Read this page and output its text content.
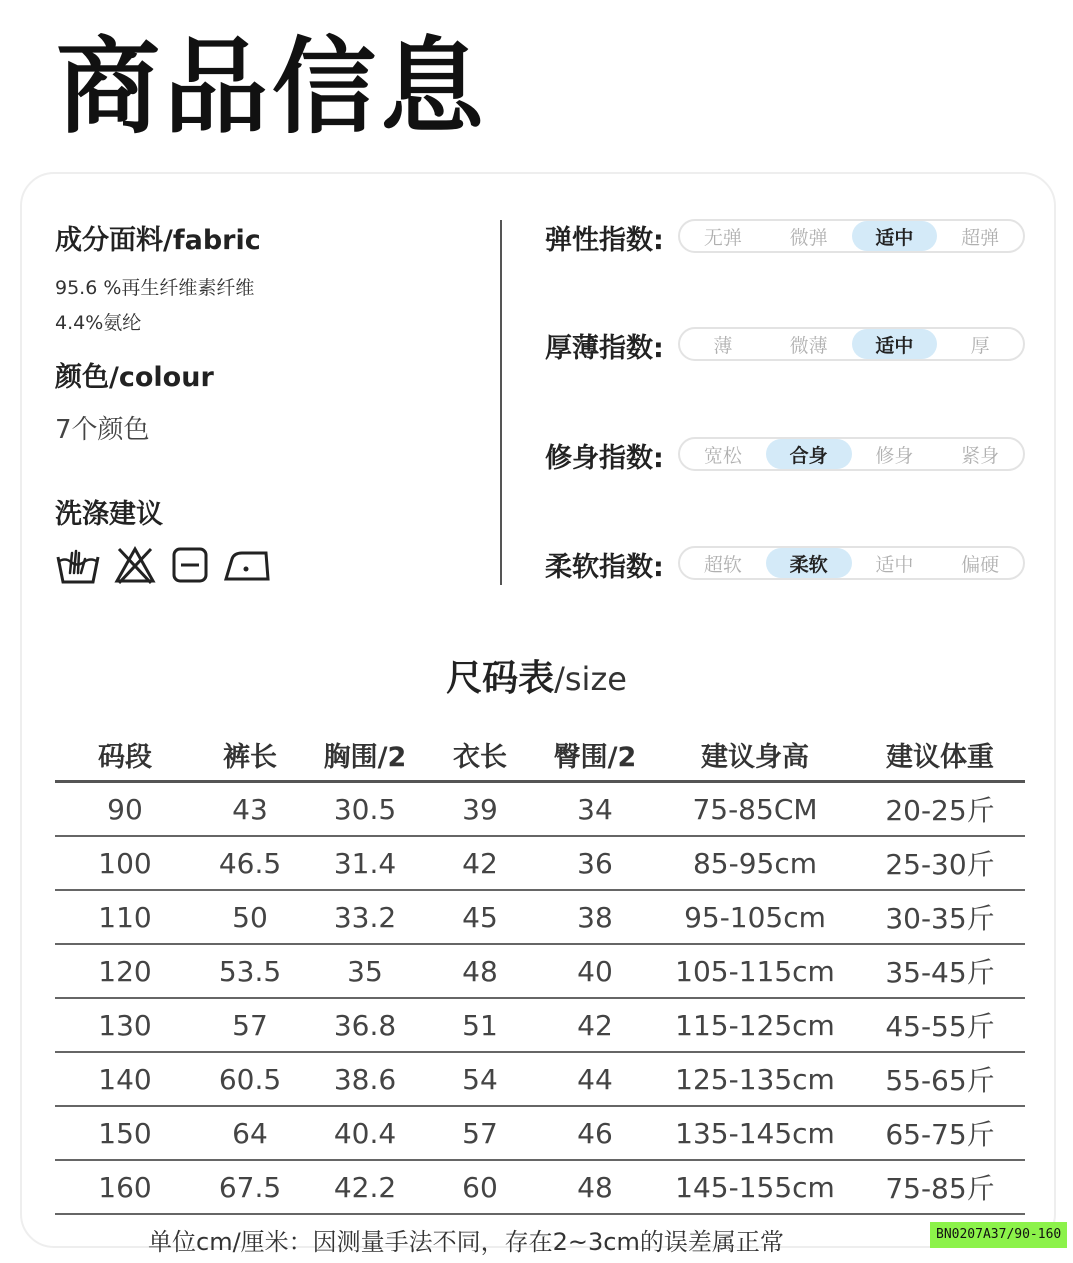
商品信息
成分面料/fabric
95.6 %再生纤维素纤维
4.4%氨纶
颜色/colour
7个颜色
洗涤建议
弹性指数:	无弹	微弹	适中	超弹
厚薄指数:	薄	微薄	适中	厚
修身指数:	宽松	合身	修身	紧身
柔软指数:	超软	柔软	适中	偏硬
尺码表/size
码段	裤长	胸围/2	衣长	臀围/2	建议身高	建议体重
90	43	30.5	39	34	75-85CM	20-25斤
100	46.5	31.4	42	36	85-95cm	25-30斤
110	50	33.2	45	38	95-105cm	30-35斤
120	53.5	35	48	40	105-115cm	35-45斤
130	57	36.8	51	42	115-125cm	45-55斤
140	60.5	38.6	54	44	125-135cm	55-65斤
150	64	40.4	57	46	135-145cm	65-75斤
160	67.5	42.2	60	48	145-155cm	75-85斤
单位cm/厘米：因测量手法不同，存在2~3cm的误差属正常	BN0207A37/90-160
